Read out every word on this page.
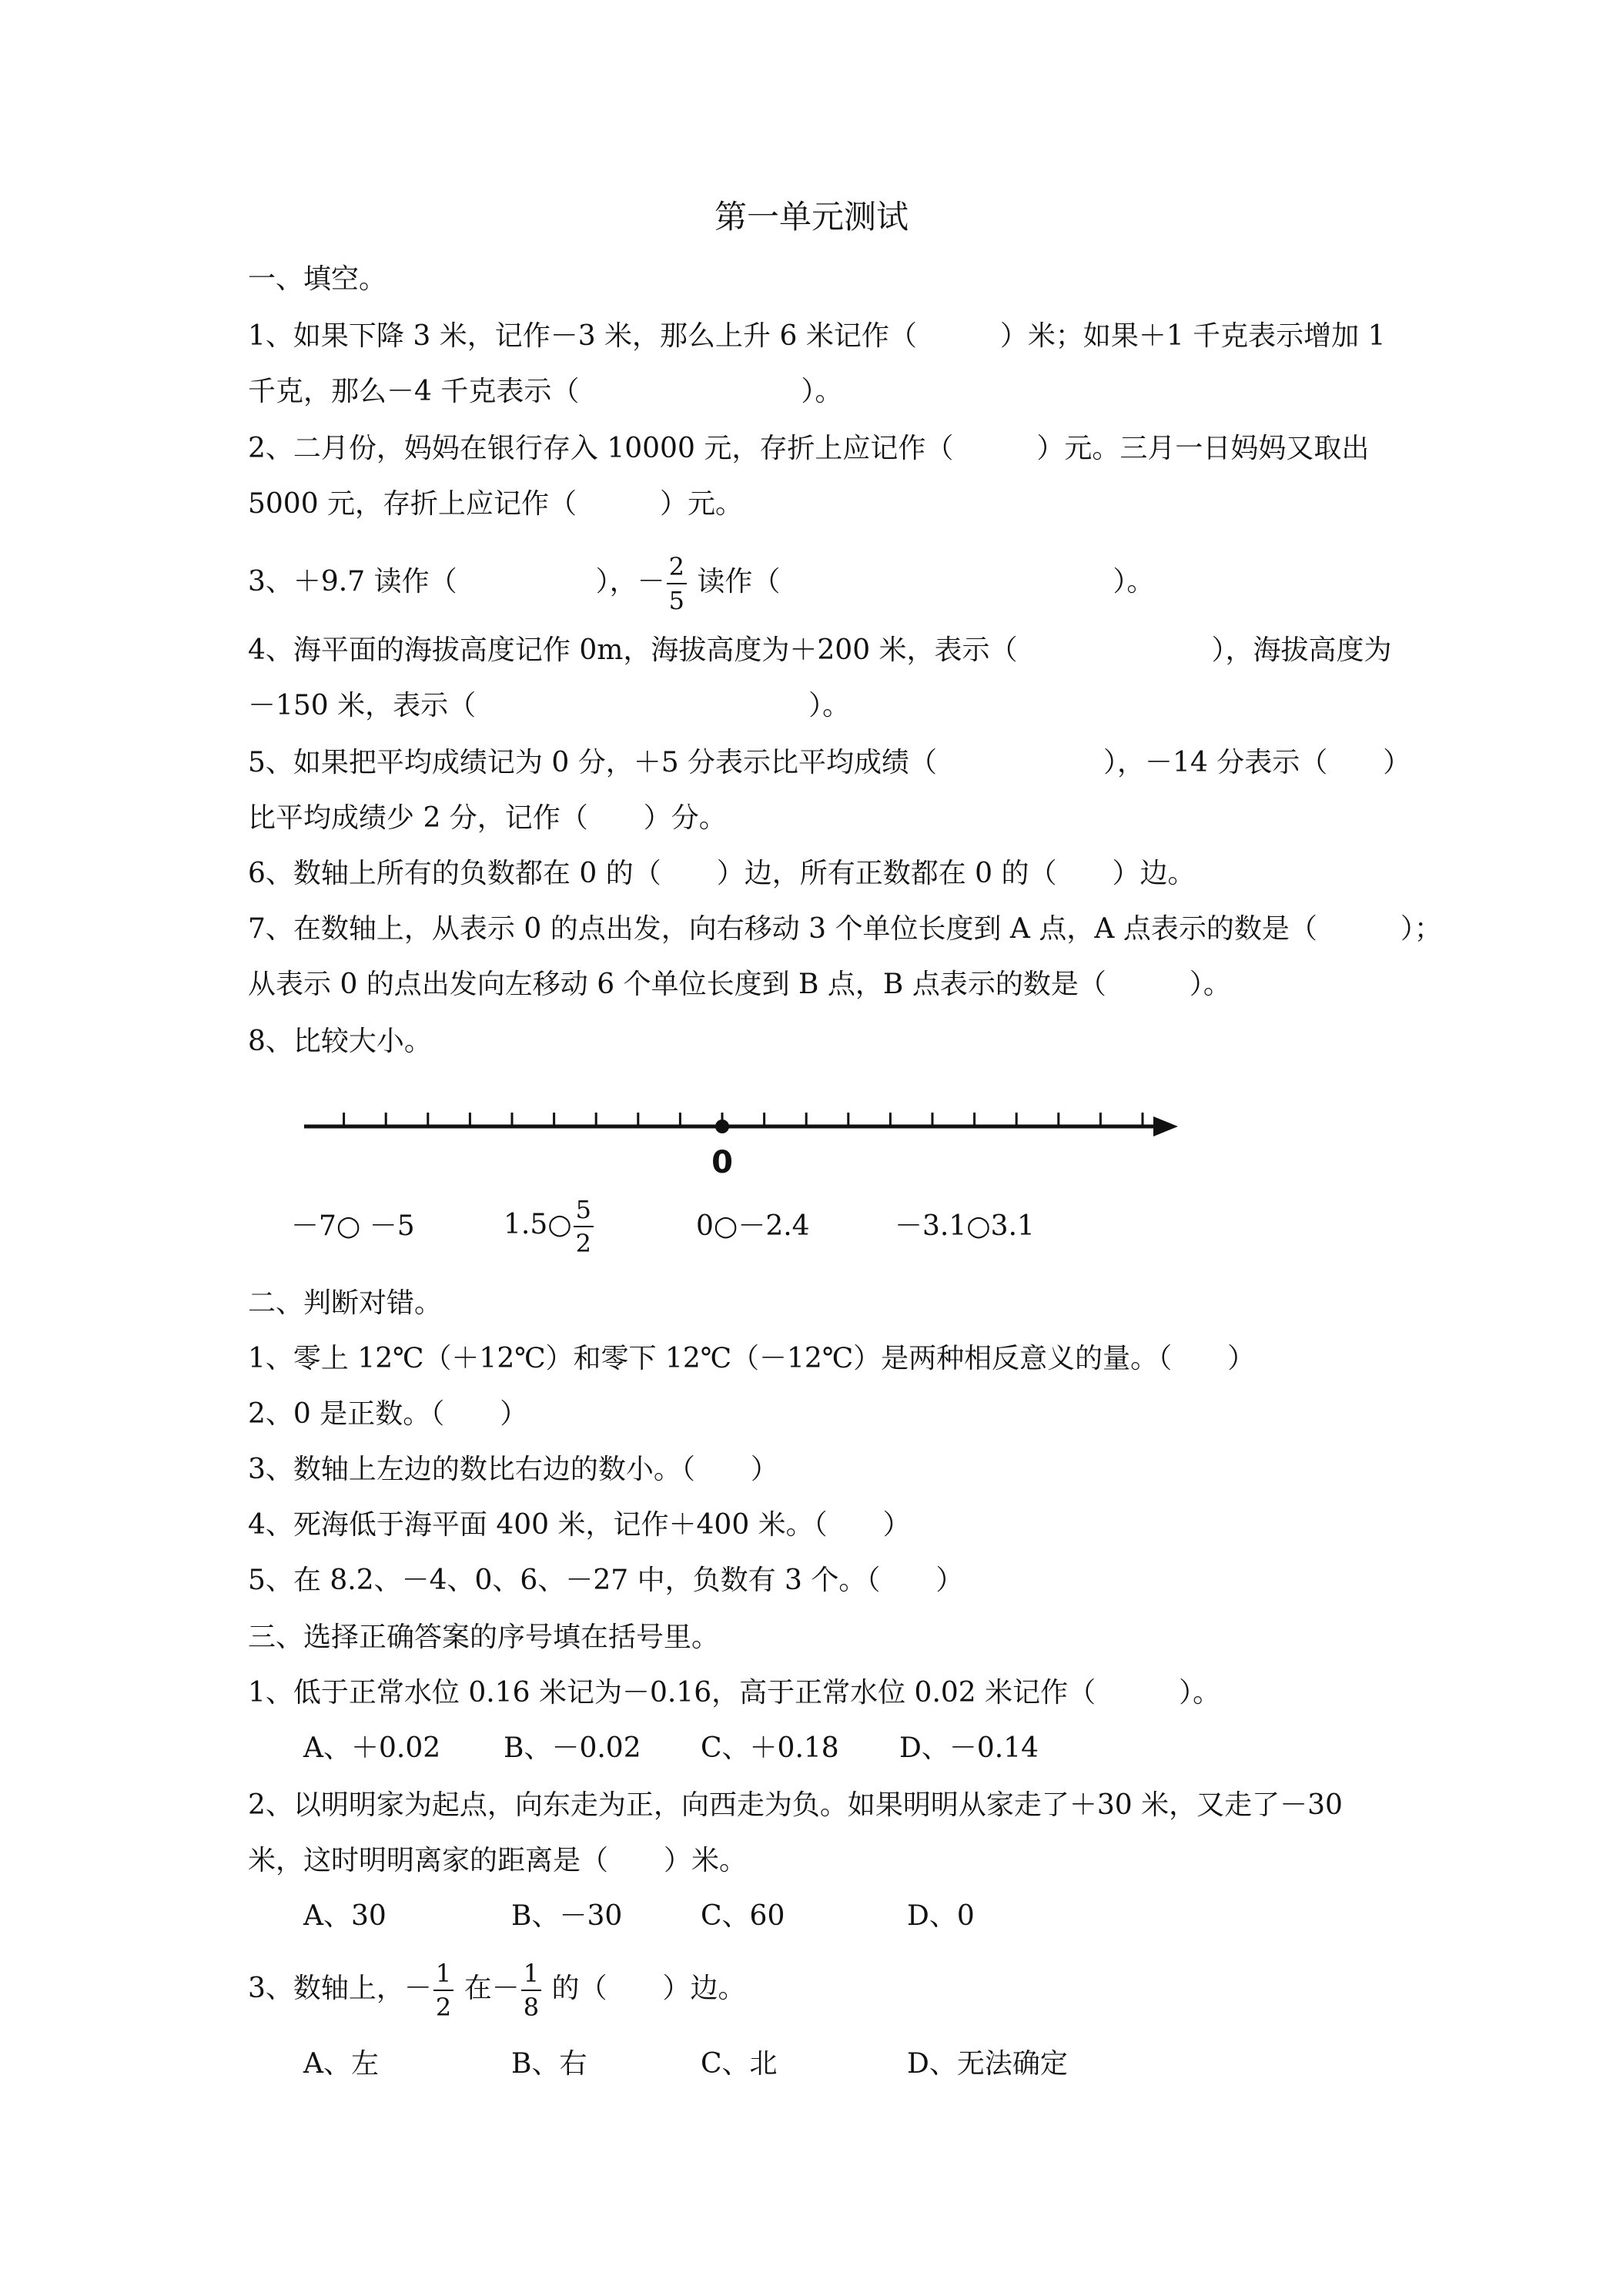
第一单元测试
一、填空。
1、如果下降 3 米，记作－3 米，那么上升 6 米记作（　　　）米；如果＋1 千克表示增加 1
千克，那么－4 千克表示（　　　　　　　　）。
2、二月份，妈妈在银行存入 10000 元，存折上应记作（　　　）元。三月一日妈妈又取出
5000 元，存折上应记作（　　　）元。
3、＋9.7 读作（　　　　　），－ $\frac{2}{5}$ 读作（　　　　　　　　　　　　）。
4、海平面的海拔高度记作 0m，海拔高度为＋200 米，表示（　　　　　　　），海拔高度为
－150 米，表示（　　　　　　　　　　　　）。
5、如果把平均成绩记为 0 分，＋5 分表示比平均成绩（　　　　　　），－14 分表示（　　）
比平均成绩少 2 分，记作（　　）分。
6、数轴上所有的负数都在 0 的（　　）边，所有正数都在 0 的（　　）边。
7、在数轴上，从表示 0 的点出发，向右移动 3 个单位长度到 A 点，A 点表示的数是（　　　）；
从表示 0 的点出发向左移动 6 个单位长度到 B 点，B 点表示的数是（　　　）。
8、比较大小。
0
－7○ －5	1.5○ $\frac{5}{2}$	0○－2.4	－3.1○3.1
二、判断对错。
1、零上 12℃（＋12℃）和零下 12℃（－12℃）是两种相反意义的量。（　　）
2、0 是正数。（　　）
3、数轴上左边的数比右边的数小。（　　）
4、死海低于海平面 400 米，记作＋400 米。（　　）
5、在 8.2、－4、0、6、－27 中，负数有 3 个。（　　）
三、选择正确答案的序号填在括号里。
1、低于正常水位 0.16 米记为－0.16，高于正常水位 0.02 米记作（　　　）。
A、＋0.02 B、－0.02 C、＋0.18 D、－0.14
2、以明明家为起点，向东走为正，向西走为负。如果明明从家走了＋30 米，又走了－30
米，这时明明离家的距离是（　　）米。
A、30	B、－30	C、60	D、0
3、数轴上，－ $\frac{1}{2}$ 在－ $\frac{1}{8}$ 的（　　）边。
A、左	B、右	C、北	D、无法确定
